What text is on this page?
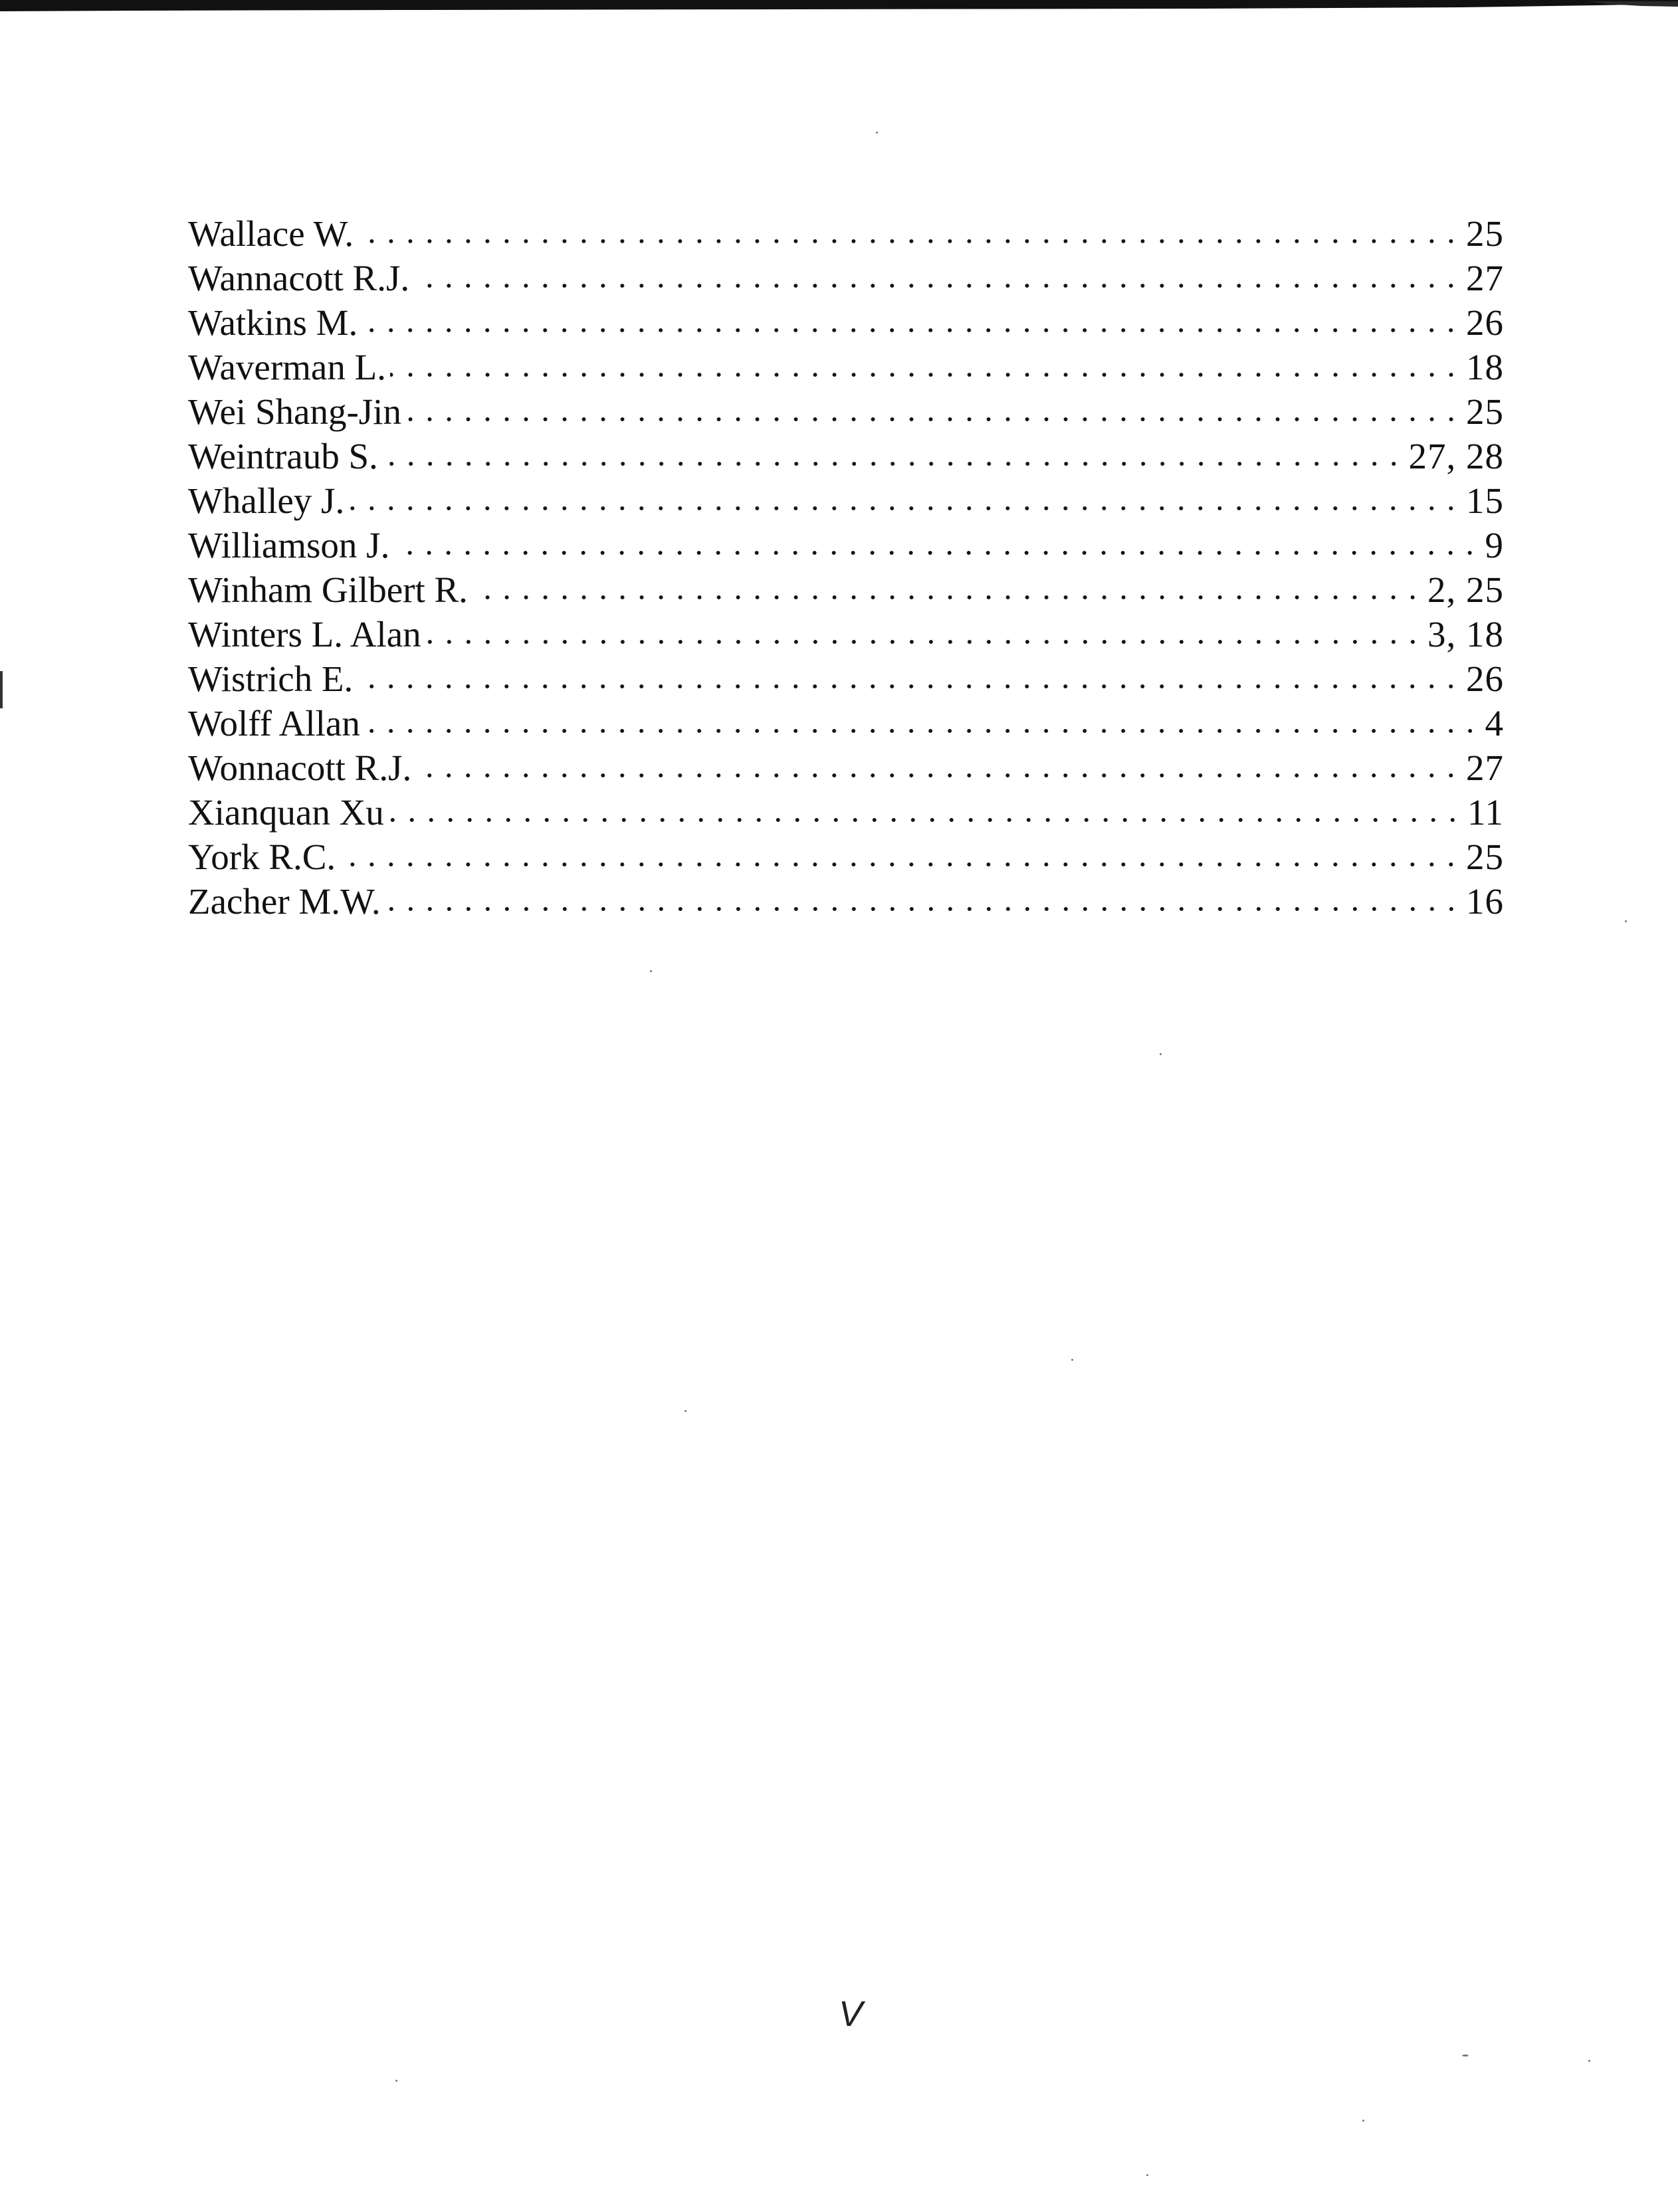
Wallace W.	25
Wannacott R.J.	27
Watkins M.	26
Waverman L.	18
Wei Shang-Jin	25
Weintraub S.	27, 28
Whalley J.	15
Williamson J.	9
Winham Gilbert R.	2, 25
Winters L. Alan	3, 18
Wistrich E.	26
Wolff Allan	4
Wonnacott R.J.	27
Xianquan Xu	11
York R.C.	25
Zacher M.W.	16
V
